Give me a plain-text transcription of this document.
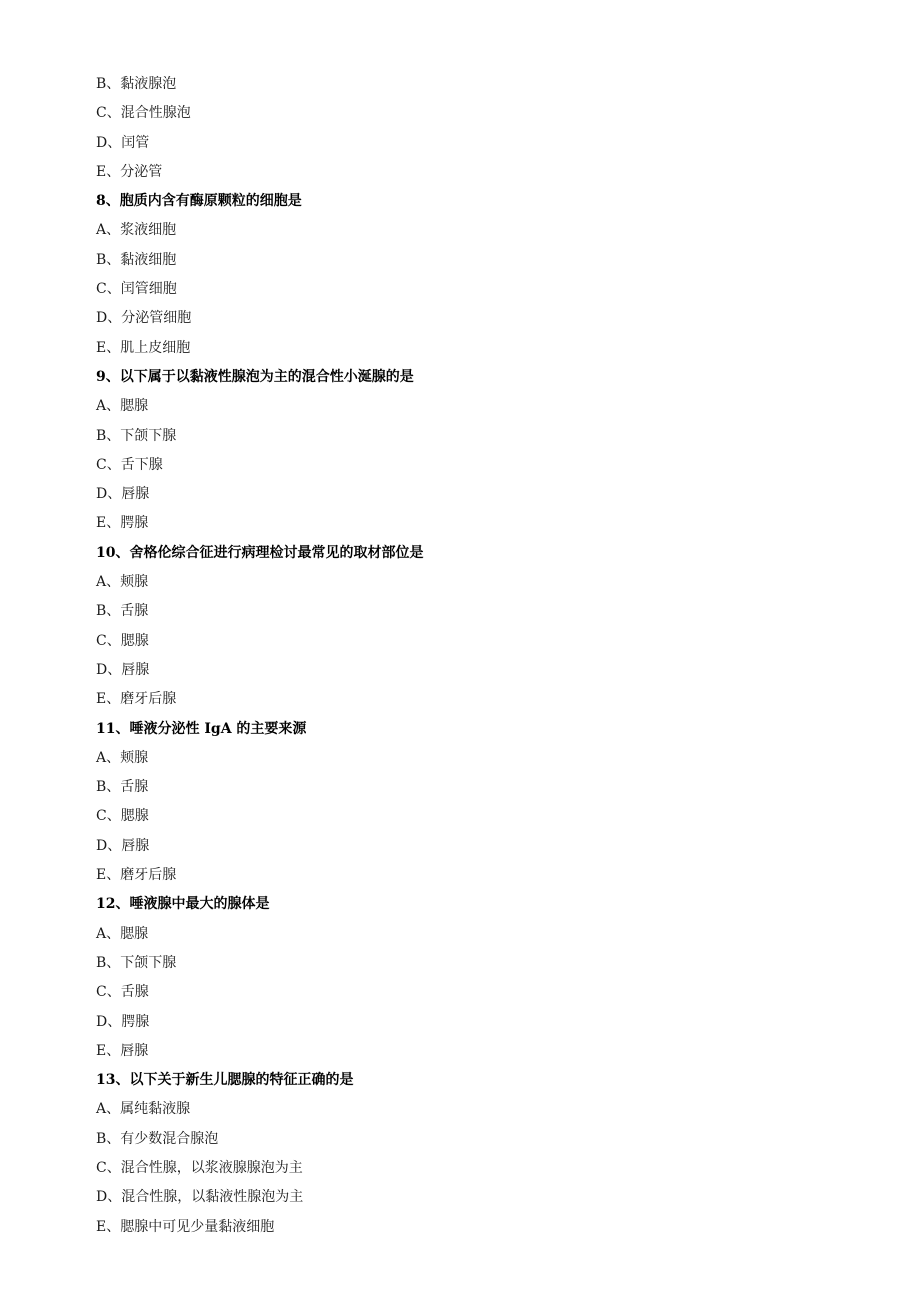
B、黏液腺泡
C、混合性腺泡
D、闰管
E、分泌管
8、胞质内含有酶原颗粒的细胞是
A、浆液细胞
B、黏液细胞
C、闰管细胞
D、分泌管细胞
E、肌上皮细胞
9、以下属于以黏液性腺泡为主的混合性小涎腺的是
A、腮腺
B、下颌下腺
C、舌下腺
D、唇腺
E、腭腺
10、舍格伦综合征进行病理检讨最常见的取材部位是
A、颊腺
B、舌腺
C、腮腺
D、唇腺
E、磨牙后腺
11、唾液分泌性 IgA 的主要来源
A、颊腺
B、舌腺
C、腮腺
D、唇腺
E、磨牙后腺
12、唾液腺中最大的腺体是
A、腮腺
B、下颌下腺
C、舌腺
D、腭腺
E、唇腺
13、以下关于新生儿腮腺的特征正确的是
A、属纯黏液腺
B、有少数混合腺泡
C、混合性腺，以浆液腺腺泡为主
D、混合性腺，以黏液性腺泡为主
E、腮腺中可见少量黏液细胞
